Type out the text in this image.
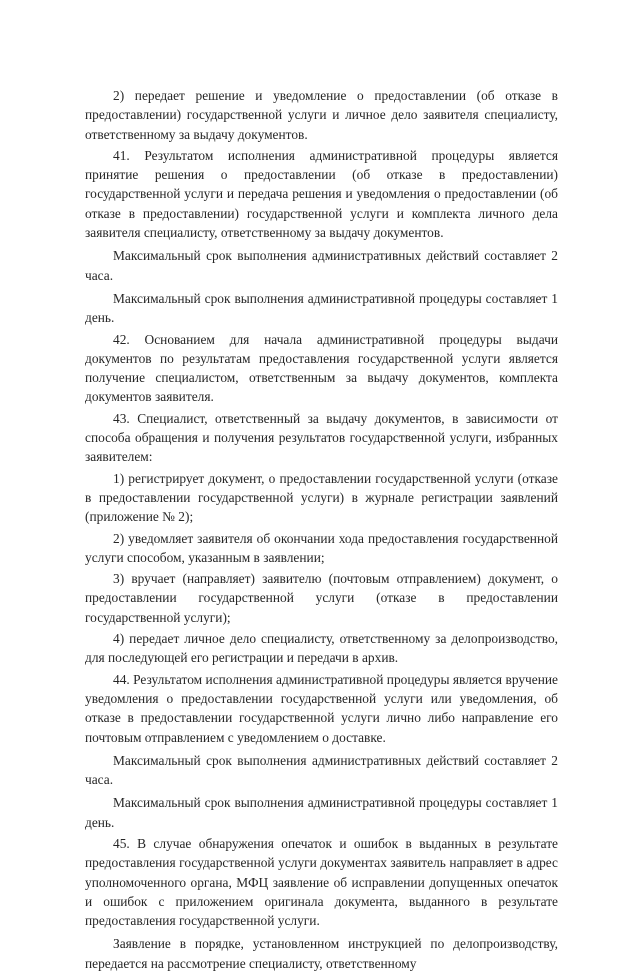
2) передает решение и уведомление о предоставлении (об отказе в предоставлении) государственной услуги и личное дело заявителя специалисту, ответственному за выдачу документов.

41. Результатом исполнения административной процедуры является принятие решения о предоставлении (об отказе в предоставлении) государственной услуги и передача решения и уведомления о предоставлении (об отказе в предоставлении) государственной услуги и комплекта личного дела заявителя специалисту, ответственному за выдачу документов.

Максимальный срок выполнения административных действий составляет 2 часа.

Максимальный срок выполнения административной процедуры составляет 1 день.

42. Основанием для начала административной процедуры выдачи документов по результатам предоставления государственной услуги является получение специалистом, ответственным за выдачу документов, комплекта документов заявителя.

43. Специалист, ответственный за выдачу документов, в зависимости от способа обращения и получения результатов государственной услуги, избранных заявителем:

1) регистрирует документ, о предоставлении государственной услуги (отказе в предоставлении государственной услуги) в журнале регистрации заявлений (приложение № 2);

2) уведомляет заявителя об окончании хода предоставления государственной услуги способом, указанным в заявлении;

3) вручает (направляет) заявителю (почтовым отправлением) документ, о предоставлении государственной услуги (отказе в предоставлении государственной услуги);

4) передает личное дело специалисту, ответственному за делопроизводство, для последующей его регистрации и передачи в архив.

44. Результатом исполнения административной процедуры является вручение уведомления о предоставлении государственной услуги или уведомления, об отказе в предоставлении государственной услуги лично либо направление его почтовым отправлением с уведомлением о доставке.

Максимальный срок выполнения административных действий составляет 2 часа.

Максимальный срок выполнения административной процедуры составляет 1 день.

45. В случае обнаружения опечаток и ошибок в выданных в результате предоставления государственной услуги документах заявитель направляет в адрес уполномоченного органа, МФЦ заявление об исправлении допущенных опечаток и ошибок с приложением оригинала документа, выданного в результате предоставления государственной услуги.

Заявление в порядке, установленном инструкцией по делопроизводству, передается на рассмотрение специалисту, ответственному
